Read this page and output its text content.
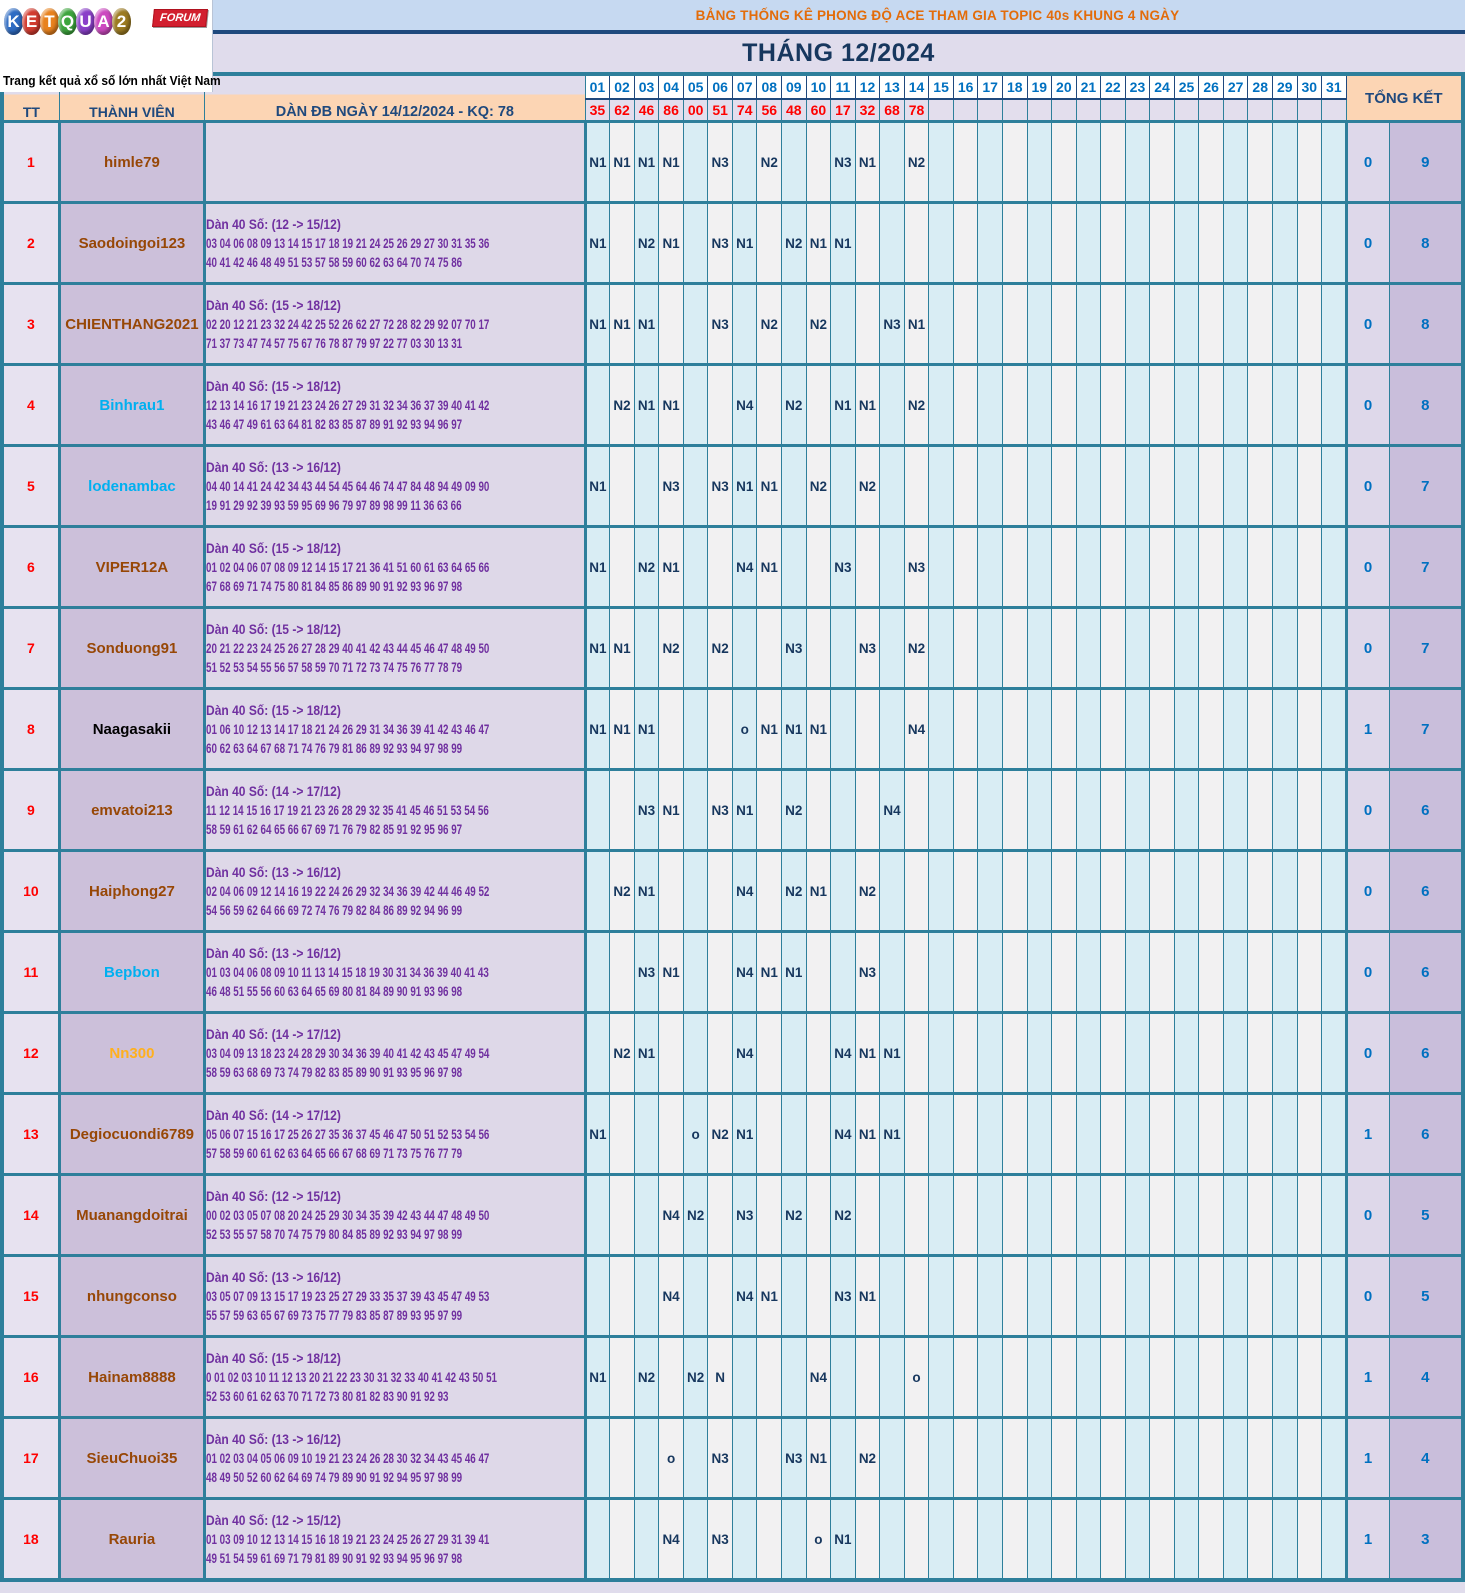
BẢNG THỐNG KÊ PHONG ĐỘ ACE THAM GIA TOPIC 40s KHUNG 4 NGÀY
THÁNG 12/2024
K E T Q U A 2	FORUM
Trang kết quả xổ số lớn nhất Việt Nam
TT	THÀNH VIÊN	DÀN ĐB NGÀY 14/12/2024 - KQ: 78	01	02	03	04	05	06	07	08	09	10	11	12	13	14	15	16	17	18	19	20	21	22	23	24	25	26	27	28	29	30	31	TỔNG KẾT	
			35	62	46	86	00	51	74	56	48	60	17	32	68	78																			
1	himle79		N1	N1	N1	N1		N3		N2			N3	N1		N2																		0	9
2	Saodoingoi123	Dàn 40 Số: (12 -> 15/12)
03 04 06 08 09 13 14 15 17 18 19 21 24 25 26 29 27 30 31 35 36
40 41 42 46 48 49 51 53 57 58 59 60 62 63 64 70 74 75 86	N1		N2	N1		N3	N1		N2	N1	N1																					0	8
3	CHIENTHANG2021	Dàn 40 Số: (15 -> 18/12)
02 20 12 21 23 32 24 42 25 52 26 62 27 72 28 82 29 92 07 70 17
71 37 73 47 74 57 75 67 76 78 87 79 97 22 77 03 30 13 31	N1	N1	N1			N3		N2		N2			N3	N1																		0	8
4	Binhrau1	Dàn 40 Số: (15 -> 18/12)
12 13 14 16 17 19 21 23 24 26 27 29 31 32 34 36 37 39 40 41 42
43 46 47 49 61 63 64 81 82 83 85 87 89 91 92 93 94 96 97		N2	N1	N1			N4		N2		N1	N1		N2																		0	8
5	lodenambac	Dàn 40 Số: (13 -> 16/12)
04 40 14 41 24 42 34 43 44 54 45 64 46 74 47 84 48 94 49 09 90
19 91 29 92 39 93 59 95 69 96 79 97 89 98 99 11 36 63 66	N1			N3		N3	N1	N1		N2		N2																				0	7
6	VIPER12A	Dàn 40 Số: (15 -> 18/12)
01 02 04 06 07 08 09 12 14 15 17 21 36 41 51 60 61 63 64 65 66
67 68 69 71 74 75 80 81 84 85 86 89 90 91 92 93 96 97 98	N1		N2	N1			N4	N1			N3			N3																		0	7
7	Sonduong91	Dàn 40 Số: (15 -> 18/12)
20 21 22 23 24 25 26 27 28 29 40 41 42 43 44 45 46 47 48 49 50
51 52 53 54 55 56 57 58 59 70 71 72 73 74 75 76 77 78 79	N1	N1		N2		N2			N3			N3		N2																		0	7
8	Naagasakii	Dàn 40 Số: (15 -> 18/12)
01 06 10 12 13 14 17 18 21 24 26 29 31 34 36 39 41 42 43 46 47
60 62 63 64 67 68 71 74 76 79 81 86 89 92 93 94 97 98 99	N1	N1	N1				o	N1	N1	N1				N4																		1	7
9	emvatoi213	Dàn 40 Số: (14 -> 17/12)
11 12 14 15 16 17 19 21 23 26 28 29 32 35 41 45 46 51 53 54 56
58 59 61 62 64 65 66 67 69 71 76 79 82 85 91 92 95 96 97			N3	N1		N3	N1		N2				N4																			0	6
10	Haiphong27	Dàn 40 Số: (13 -> 16/12)
02 04 06 09 12 14 16 19 22 24 26 29 32 34 36 39 42 44 46 49 52
54 56 59 62 64 66 69 72 74 76 79 82 84 86 89 92 94 96 99		N2	N1				N4		N2	N1		N2																				0	6
11	Bepbon	Dàn 40 Số: (13 -> 16/12)
01 03 04 06 08 09 10 11 13 14 15 18 19 30 31 34 36 39 40 41 43
46 48 51 55 56 60 63 64 65 69 80 81 84 89 90 91 93 96 98			N3	N1			N4	N1	N1			N3																				0	6
12	Nn300	Dàn 40 Số: (14 -> 17/12)
03 04 09 13 18 23 24 28 29 30 34 36 39 40 41 42 43 45 47 49 54
58 59 63 68 69 73 74 79 82 83 85 89 90 91 93 95 96 97 98		N2	N1				N4				N4	N1	N1																			0	6
13	Degiocuondi6789	Dàn 40 Số: (14 -> 17/12)
05 06 07 15 16 17 25 26 27 35 36 37 45 46 47 50 51 52 53 54 56
57 58 59 60 61 62 63 64 65 66 67 68 69 71 73 75 76 77 79	N1				o	N2	N1				N4	N1	N1																			1	6
14	Muanangdoitrai	Dàn 40 Số: (12 -> 15/12)
00 02 03 05 07 08 20 24 25 29 30 34 35 39 42 43 44 47 48 49 50
52 53 55 57 58 70 74 75 79 80 84 85 89 92 93 94 97 98 99				N4	N2		N3		N2		N2																					0	5
15	nhungconso	Dàn 40 Số: (13 -> 16/12)
03 05 07 09 13 15 17 19 23 25 27 29 33 35 37 39 43 45 47 49 53
55 57 59 63 65 67 69 73 75 77 79 83 85 87 89 93 95 97 99				N4			N4	N1			N3	N1																				0	5
16	Hainam8888	Dàn 40 Số: (15 -> 18/12)
0 01 02 03 10 11 12 13 20 21 22 23 30 31 32 33 40 41 42 43 50 51
52 53 60 61 62 63 70 71 72 73 80 81 82 83 90 91 92 93	N1		N2		N2	N				N4				o																		1	4
17	SieuChuoi35	Dàn 40 Số: (13 -> 16/12)
01 02 03 04 05 06 09 10 19 21 23 24 26 28 30 32 34 43 45 46 47
48 49 50 52 60 62 64 69 74 79 89 90 91 92 94 95 97 98 99				o		N3			N3	N1		N2																				1	4
18	Rauria	Dàn 40 Số: (12 -> 15/12)
01 03 09 10 12 13 14 15 16 18 19 21 23 24 25 26 27 29 31 39 41
49 51 54 59 61 69 71 79 81 89 90 91 92 93 94 95 96 97 98				N4		N3				o	N1																					1	3
